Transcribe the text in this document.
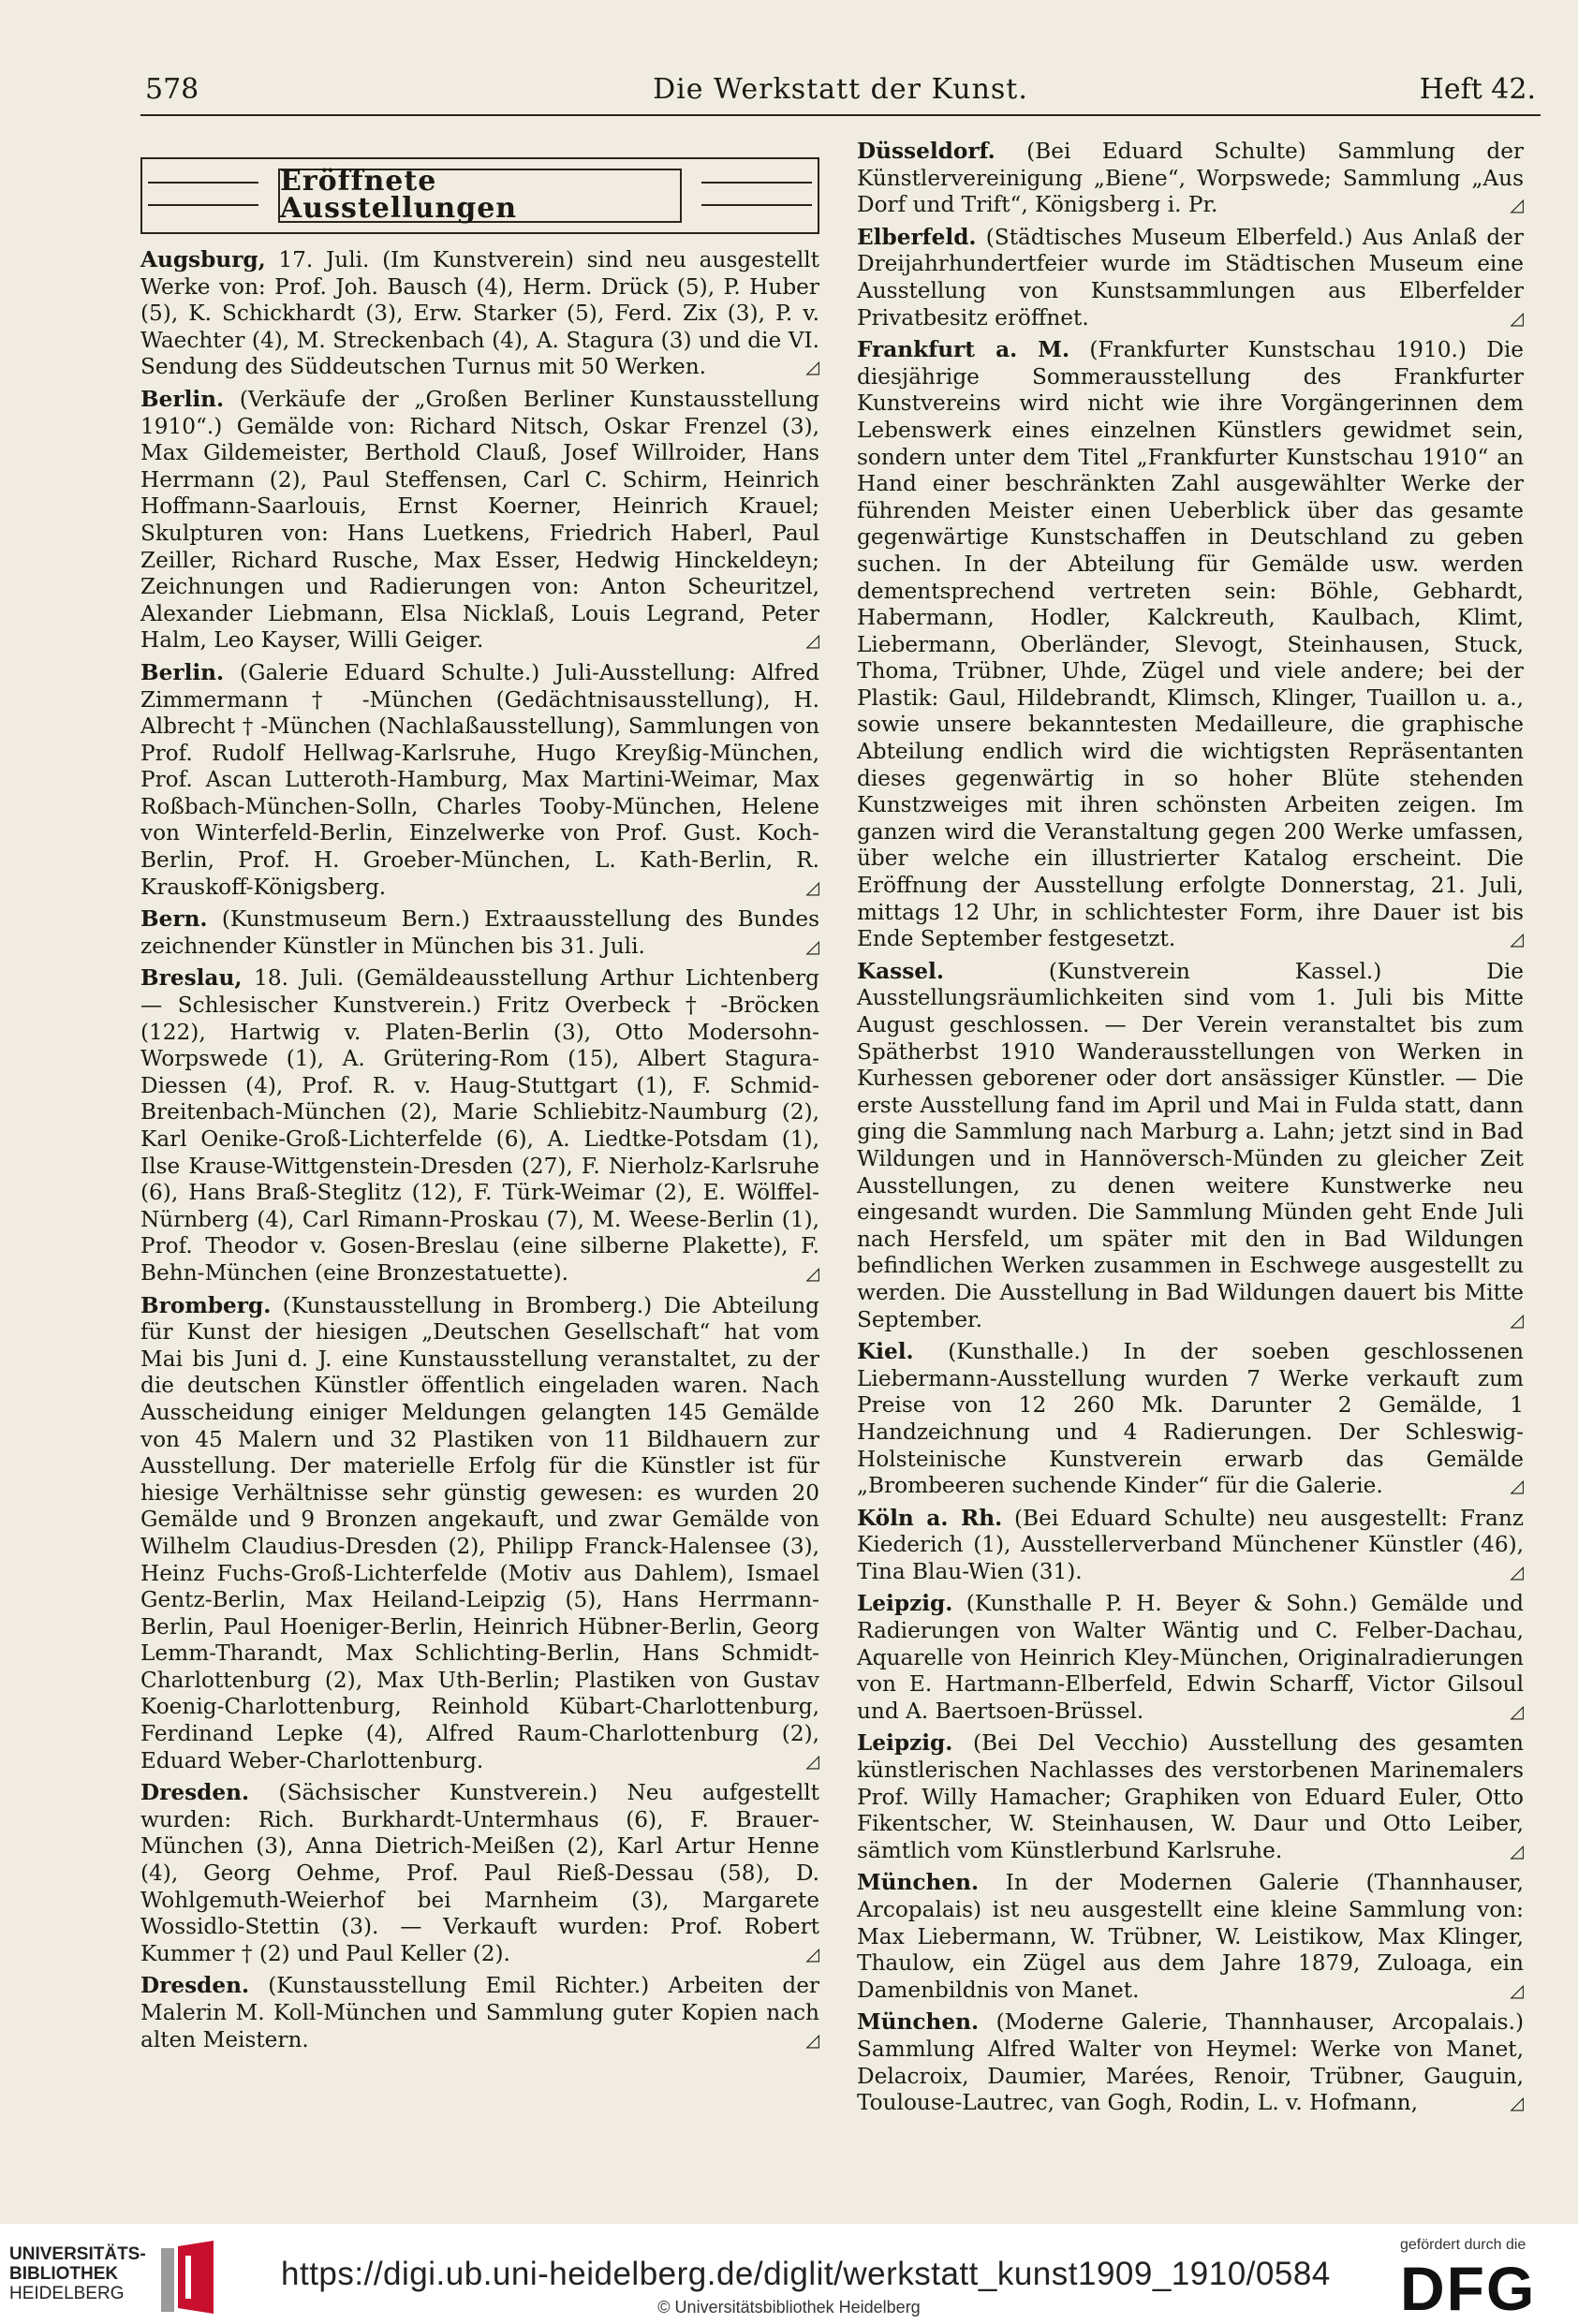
578	Die Werkstatt der Kunst.	Heft 42.
Eröffnete Ausstellungen
Augsburg, 17. Juli. (Im Kunstverein) sind neu ausgestellt Werke von: Prof. Joh. Bausch (4), Herm. Drück (5), P. Huber (5), K. Schickhardt (3), Erw. Starker (5), Ferd. Zix (3), P. v. Waechter (4), M. Streckenbach (4), A. Stagura (3) und die VI. Sendung des Süddeutschen Turnus mit 50 Werken.	◿
Berlin. (Verkäufe der „Großen Berliner Kunstausstellung 1910“.) Gemälde von: Richard Nitsch, Oskar Frenzel (3), Max Gildemeister, Berthold Clauß, Josef Willroider, Hans Herrmann (2), Paul Steffensen, Carl C. Schirm, Heinrich Hoffmann-Saarlouis, Ernst Koerner, Heinrich Krauel; Skulpturen von: Hans Luetkens, Friedrich Haberl, Paul Zeiller, Richard Rusche, Max Esser, Hedwig Hinckeldeyn; Zeichnungen und Radierungen von: Anton Scheuritzel, Alexander Liebmann, Elsa Nicklaß, Louis Legrand, Peter Halm, Leo Kayser, Willi Geiger.	◿
Berlin. (Galerie Eduard Schulte.) Juli-Ausstellung: Alfred Zimmermann † -München (Gedächtnisausstellung), H. Albrecht † -München (Nachlaßausstellung), Sammlungen von Prof. Rudolf Hellwag-Karlsruhe, Hugo Kreyßig-München, Prof. Ascan Lutteroth-Hamburg, Max Martini-Weimar, Max Roßbach-München-Solln, Charles Tooby-München, Helene von Winterfeld-Berlin, Einzelwerke von Prof. Gust. Koch-Berlin, Prof. H. Groeber-München, L. Kath-Berlin, R. Krauskoff-Königsberg.	◿
Bern. (Kunstmuseum Bern.) Extraausstellung des Bundes zeichnender Künstler in München bis 31. Juli.	◿
Breslau, 18. Juli. (Gemäldeausstellung Arthur Lichtenberg — Schlesischer Kunstverein.) Fritz Overbeck † -Bröcken (122), Hartwig v. Platen-Berlin (3), Otto Modersohn-Worpswede (1), A. Grütering-Rom (15), Albert Stagura-Diessen (4), Prof. R. v. Haug-Stuttgart (1), F. Schmid-Breitenbach-München (2), Marie Schliebitz-Naumburg (2), Karl Oenike-Groß-Lichterfelde (6), A. Liedtke-Potsdam (1), Ilse Krause-Wittgenstein-Dresden (27), F. Nierholz-Karlsruhe (6), Hans Braß-Steglitz (12), F. Türk-Weimar (2), E. Wölffel-Nürnberg (4), Carl Rimann-Proskau (7), M. Weese-Berlin (1), Prof. Theodor v. Gosen-Breslau (eine silberne Plakette), F. Behn-München (eine Bronzestatuette).	◿
Bromberg. (Kunstausstellung in Bromberg.) Die Abteilung für Kunst der hiesigen „Deutschen Gesellschaft“ hat vom Mai bis Juni d. J. eine Kunstausstellung veranstaltet, zu der die deutschen Künstler öffentlich eingeladen waren. Nach Ausscheidung einiger Meldungen gelangten 145 Gemälde von 45 Malern und 32 Plastiken von 11 Bildhauern zur Ausstellung. Der materielle Erfolg für die Künstler ist für hiesige Verhältnisse sehr günstig gewesen: es wurden 20 Gemälde und 9 Bronzen angekauft, und zwar Gemälde von Wilhelm Claudius-Dresden (2), Philipp Franck-Halensee (3), Heinz Fuchs-Groß-Lichterfelde (Motiv aus Dahlem), Ismael Gentz-Berlin, Max Heiland-Leipzig (5), Hans Herrmann-Berlin, Paul Hoeniger-Berlin, Heinrich Hübner-Berlin, Georg Lemm-Tharandt, Max Schlichting-Berlin, Hans Schmidt-Charlottenburg (2), Max Uth-Berlin; Plastiken von Gustav Koenig-Charlottenburg, Reinhold Kübart-Charlottenburg, Ferdinand Lepke (4), Alfred Raum-Charlottenburg (2), Eduard Weber-Charlottenburg.	◿
Dresden. (Sächsischer Kunstverein.) Neu aufgestellt wurden: Rich. Burkhardt-Untermhaus (6), F. Brauer-München (3), Anna Dietrich-Meißen (2), Karl Artur Henne (4), Georg Oehme, Prof. Paul Rieß-Dessau (58), D. Wohlgemuth-Weierhof bei Marnheim (3), Margarete Wossidlo-Stettin (3). — Verkauft wurden: Prof. Robert Kummer † (2) und Paul Keller (2).	◿
Dresden. (Kunstausstellung Emil Richter.) Arbeiten der Malerin M. Koll-München und Sammlung guter Kopien nach alten Meistern.	◿
Düsseldorf. (Bei Eduard Schulte) Sammlung der Künstlervereinigung „Biene“, Worpswede; Sammlung „Aus Dorf und Trift“, Königsberg i. Pr.	◿
Elberfeld. (Städtisches Museum Elberfeld.) Aus Anlaß der Dreijahrhundertfeier wurde im Städtischen Museum eine Ausstellung von Kunstsammlungen aus Elberfelder Privatbesitz eröffnet.	◿
Frankfurt a. M. (Frankfurter Kunstschau 1910.) Die diesjährige Sommerausstellung des Frankfurter Kunstvereins wird nicht wie ihre Vorgängerinnen dem Lebenswerk eines einzelnen Künstlers gewidmet sein, sondern unter dem Titel „Frankfurter Kunstschau 1910“ an Hand einer beschränkten Zahl ausgewählter Werke der führenden Meister einen Ueberblick über das gesamte gegenwärtige Kunstschaffen in Deutschland zu geben suchen. In der Abteilung für Gemälde usw. werden dementsprechend vertreten sein: Böhle, Gebhardt, Habermann, Hodler, Kalckreuth, Kaulbach, Klimt, Liebermann, Oberländer, Slevogt, Steinhausen, Stuck, Thoma, Trübner, Uhde, Zügel und viele andere; bei der Plastik: Gaul, Hildebrandt, Klimsch, Klinger, Tuaillon u. a., sowie unsere bekanntesten Medailleure, die graphische Abteilung endlich wird die wichtigsten Repräsentanten dieses gegenwärtig in so hoher Blüte stehenden Kunstzweiges mit ihren schönsten Arbeiten zeigen. Im ganzen wird die Veranstaltung gegen 200 Werke umfassen, über welche ein illustrierter Katalog erscheint. Die Eröffnung der Ausstellung erfolgte Donnerstag, 21. Juli, mittags 12 Uhr, in schlichtester Form, ihre Dauer ist bis Ende September festgesetzt.	◿
Kassel. (Kunstverein Kassel.) Die Ausstellungsräumlichkeiten sind vom 1. Juli bis Mitte August geschlossen. — Der Verein veranstaltet bis zum Spätherbst 1910 Wanderausstellungen von Werken in Kurhessen geborener oder dort ansässiger Künstler. — Die erste Ausstellung fand im April und Mai in Fulda statt, dann ging die Sammlung nach Marburg a. Lahn; jetzt sind in Bad Wildungen und in Hannöversch-Münden zu gleicher Zeit Ausstellungen, zu denen weitere Kunstwerke neu eingesandt wurden. Die Sammlung Münden geht Ende Juli nach Hersfeld, um später mit den in Bad Wildungen befindlichen Werken zusammen in Eschwege ausgestellt zu werden. Die Ausstellung in Bad Wildungen dauert bis Mitte September.	◿
Kiel. (Kunsthalle.) In der soeben geschlossenen Liebermann-Ausstellung wurden 7 Werke verkauft zum Preise von 12 260 Mk. Darunter 2 Gemälde, 1 Handzeichnung und 4 Radierungen. Der Schleswig-Holsteinische Kunstverein erwarb das Gemälde „Brombeeren suchende Kinder“ für die Galerie.	◿
Köln a. Rh. (Bei Eduard Schulte) neu ausgestellt: Franz Kiederich (1), Ausstellerverband Münchener Künstler (46), Tina Blau-Wien (31).	◿
Leipzig. (Kunsthalle P. H. Beyer & Sohn.) Gemälde und Radierungen von Walter Wäntig und C. Felber-Dachau, Aquarelle von Heinrich Kley-München, Originalradierungen von E. Hartmann-Elberfeld, Edwin Scharff, Victor Gilsoul und A. Baertsoen-Brüssel.	◿
Leipzig. (Bei Del Vecchio) Ausstellung des gesamten künstlerischen Nachlasses des verstorbenen Marinemalers Prof. Willy Hamacher; Graphiken von Eduard Euler, Otto Fikentscher, W. Steinhausen, W. Daur und Otto Leiber, sämtlich vom Künstlerbund Karlsruhe.	◿
München. In der Modernen Galerie (Thannhauser, Arcopalais) ist neu ausgestellt eine kleine Sammlung von: Max Liebermann, W. Trübner, W. Leistikow, Max Klinger, Thaulow, ein Zügel aus dem Jahre 1879, Zuloaga, ein Damenbildnis von Manet.	◿
München. (Moderne Galerie, Thannhauser, Arcopalais.) Sammlung Alfred Walter von Heymel: Werke von Manet, Delacroix, Daumier, Marées, Renoir, Trübner, Gauguin, Toulouse-Lautrec, van Gogh, Rodin, L. v. Hofmann,	◿
UNIVERSITÄTS-
BIBLIOTHEK
HEIDELBERG
https://digi.ub.uni-heidelberg.de/diglit/werkstatt_kunst1909_1910/0584
© Universitätsbibliothek Heidelberg
gefördert durch die
DFG
